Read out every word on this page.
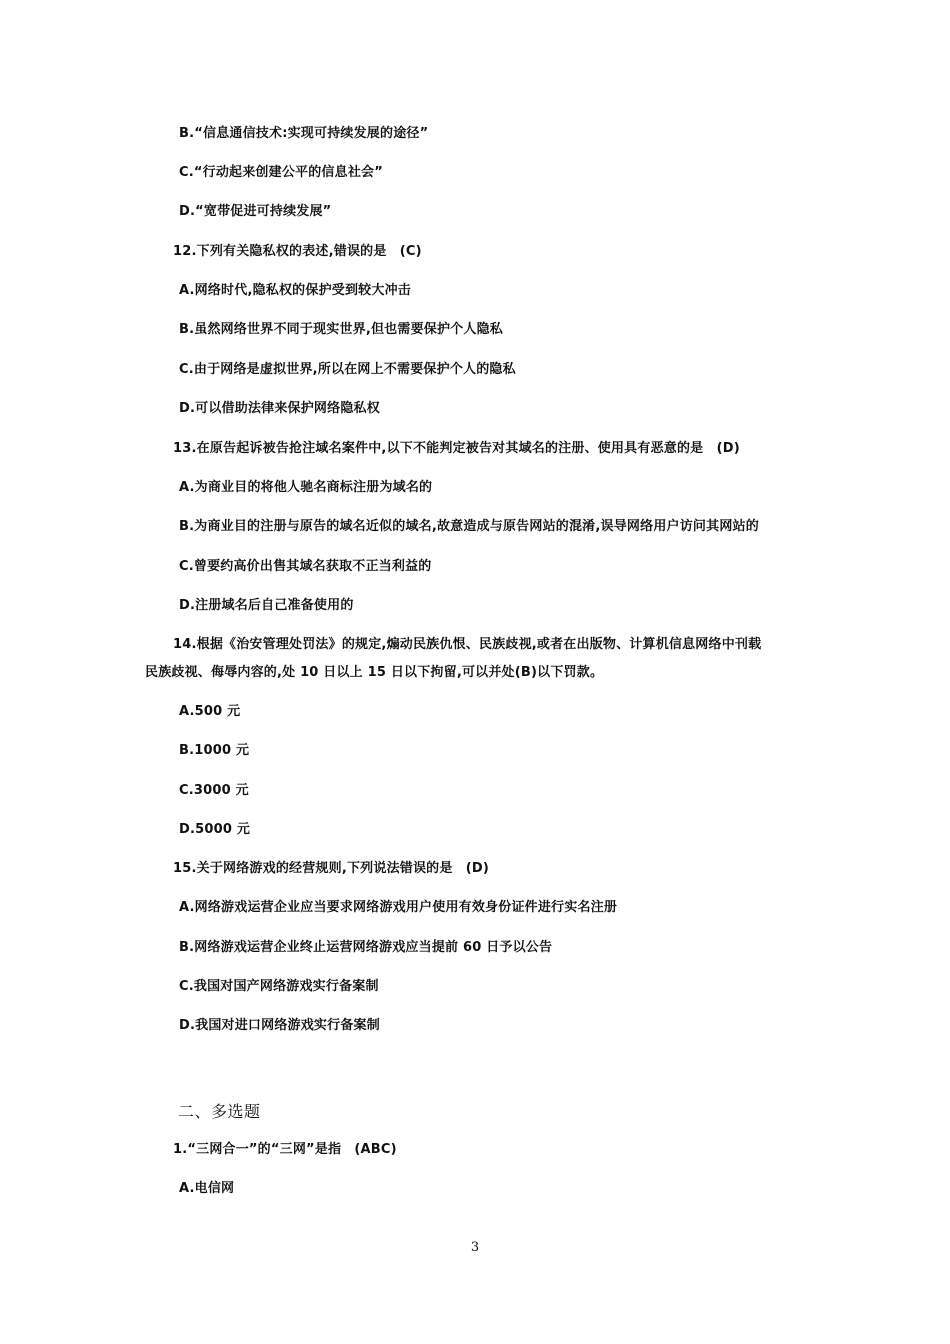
B.“信息通信技术:实现可持续发展的途径”
C.“行动起来创建公平的信息社会”
D.“宽带促进可持续发展”
12.下列有关隐私权的表述,错误的是　(C)
A.网络时代,隐私权的保护受到较大冲击
B.虽然网络世界不同于现实世界,但也需要保护个人隐私
C.由于网络是虚拟世界,所以在网上不需要保护个人的隐私
D.可以借助法律来保护网络隐私权
13.在原告起诉被告抢注域名案件中,以下不能判定被告对其域名的注册、使用具有恶意的是　(D)
A.为商业目的将他人驰名商标注册为域名的
B.为商业目的注册与原告的域名近似的域名,故意造成与原告网站的混淆,误导网络用户访问其网站的
C.曾要约高价出售其域名获取不正当利益的
D.注册域名后自己准备使用的
14.根据《治安管理处罚法》的规定,煽动民族仇恨、民族歧视,或者在出版物、计算机信息网络中刊载
民族歧视、侮辱内容的,处 10 日以上 15 日以下拘留,可以并处(B)以下罚款。
A.500 元
B.1000 元
C.3000 元
D.5000 元
15.关于网络游戏的经营规则,下列说法错误的是　(D)
A.网络游戏运营企业应当要求网络游戏用户使用有效身份证件进行实名注册
B.网络游戏运营企业终止运营网络游戏应当提前 60 日予以公告
C.我国对国产网络游戏实行备案制
D.我国对进口网络游戏实行备案制
二、多选题
1.“三网合一”的“三网”是指　(ABC)
A.电信网
3
